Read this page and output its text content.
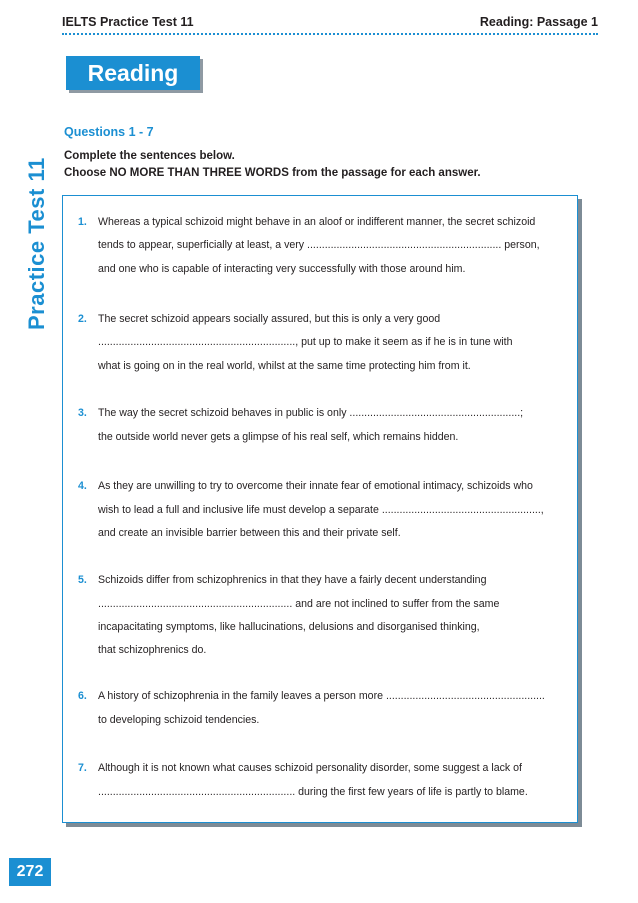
IELTS Practice Test 11	Reading: Passage 1
Practice Test 11
Reading
Questions 1 - 7
Complete the sentences below.
Choose NO MORE THAN THREE WORDS from the passage for each answer.
1. Whereas a typical schizoid might behave in an aloof or indifferent manner, the secret schizoid
tends to appear, superficially at least, a very .................................................................. person,
and one who is capable of interacting very successfully with those around him.
2. The secret schizoid appears socially assured, but this is only a very good
..................................................................., put up to make it seem as if he is in tune with
what is going on in the real world, whilst at the same time protecting him from it.
3. The way the secret schizoid behaves in public is only ..........................................................;
the outside world never gets a glimpse of his real self, which remains hidden.
4. As they are unwilling to try to overcome their innate fear of emotional intimacy, schizoids who
wish to lead a full and inclusive life must develop a separate ......................................................,
and create an invisible barrier between this and their private self.
5. Schizoids differ from schizophrenics in that they have a fairly decent understanding
.................................................................. and are not inclined to suffer from the same
incapacitating symptoms, like hallucinations, delusions and disorganised thinking,
that schizophrenics do.
6. A history of schizophrenia in the family leaves a person more ......................................................
to developing schizoid tendencies.
7. Although it is not known what causes schizoid personality disorder, some suggest a lack of
................................................................... during the first few years of life is partly to blame.
272
